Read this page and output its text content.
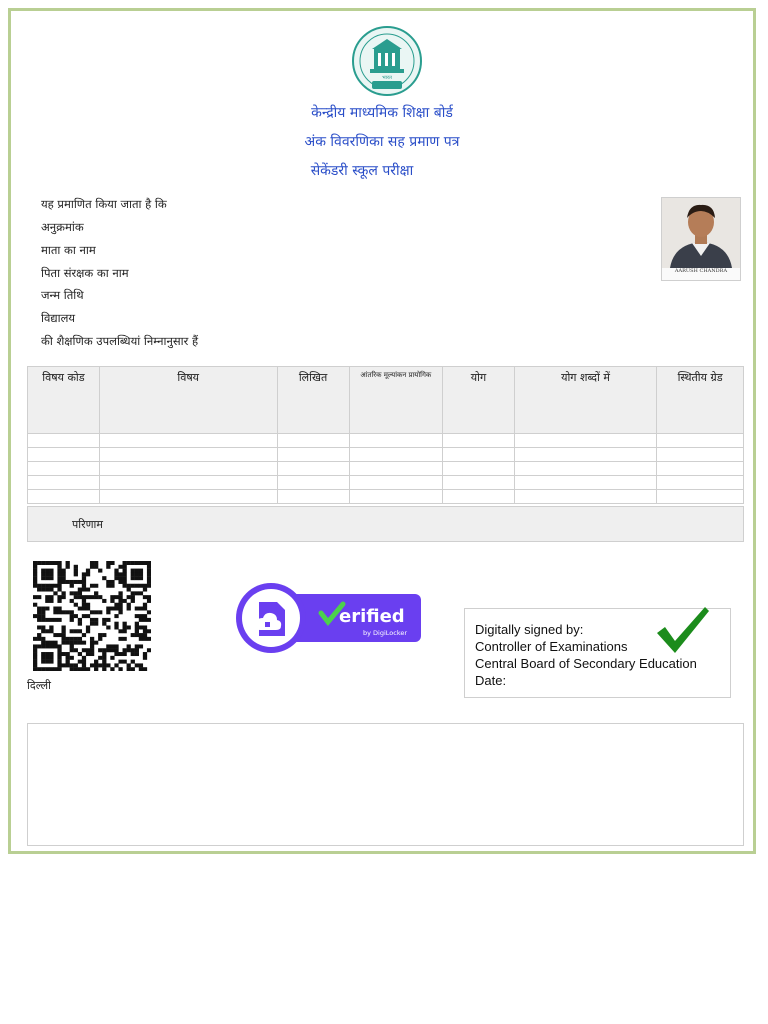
भारत
केन्द्रीय माध्यमिक शिक्षा बोर्ड
अंक विवरणिका सह प्रमाण पत्र
सेकेंडरी स्कूल परीक्षा
यह प्रमाणित किया जाता है कि
अनुक्रमांक
माता का नाम
पिता संरक्षक का नाम
जन्म तिथि
विद्यालय
की शैक्षणिक उपलब्धियां निम्नानुसार हैं
AARUSH CHANDRA
विषय कोड	विषय	लिखित	आंतरिक मूल्यांकन प्रायोगिक	योग	योग शब्दों में	स्थितीय ग्रेड

परिणाम
दिल्ली
erified
by DigiLocker	Digitally signed by:
Controller of Examinations
Central Board of Secondary Education
Date:
